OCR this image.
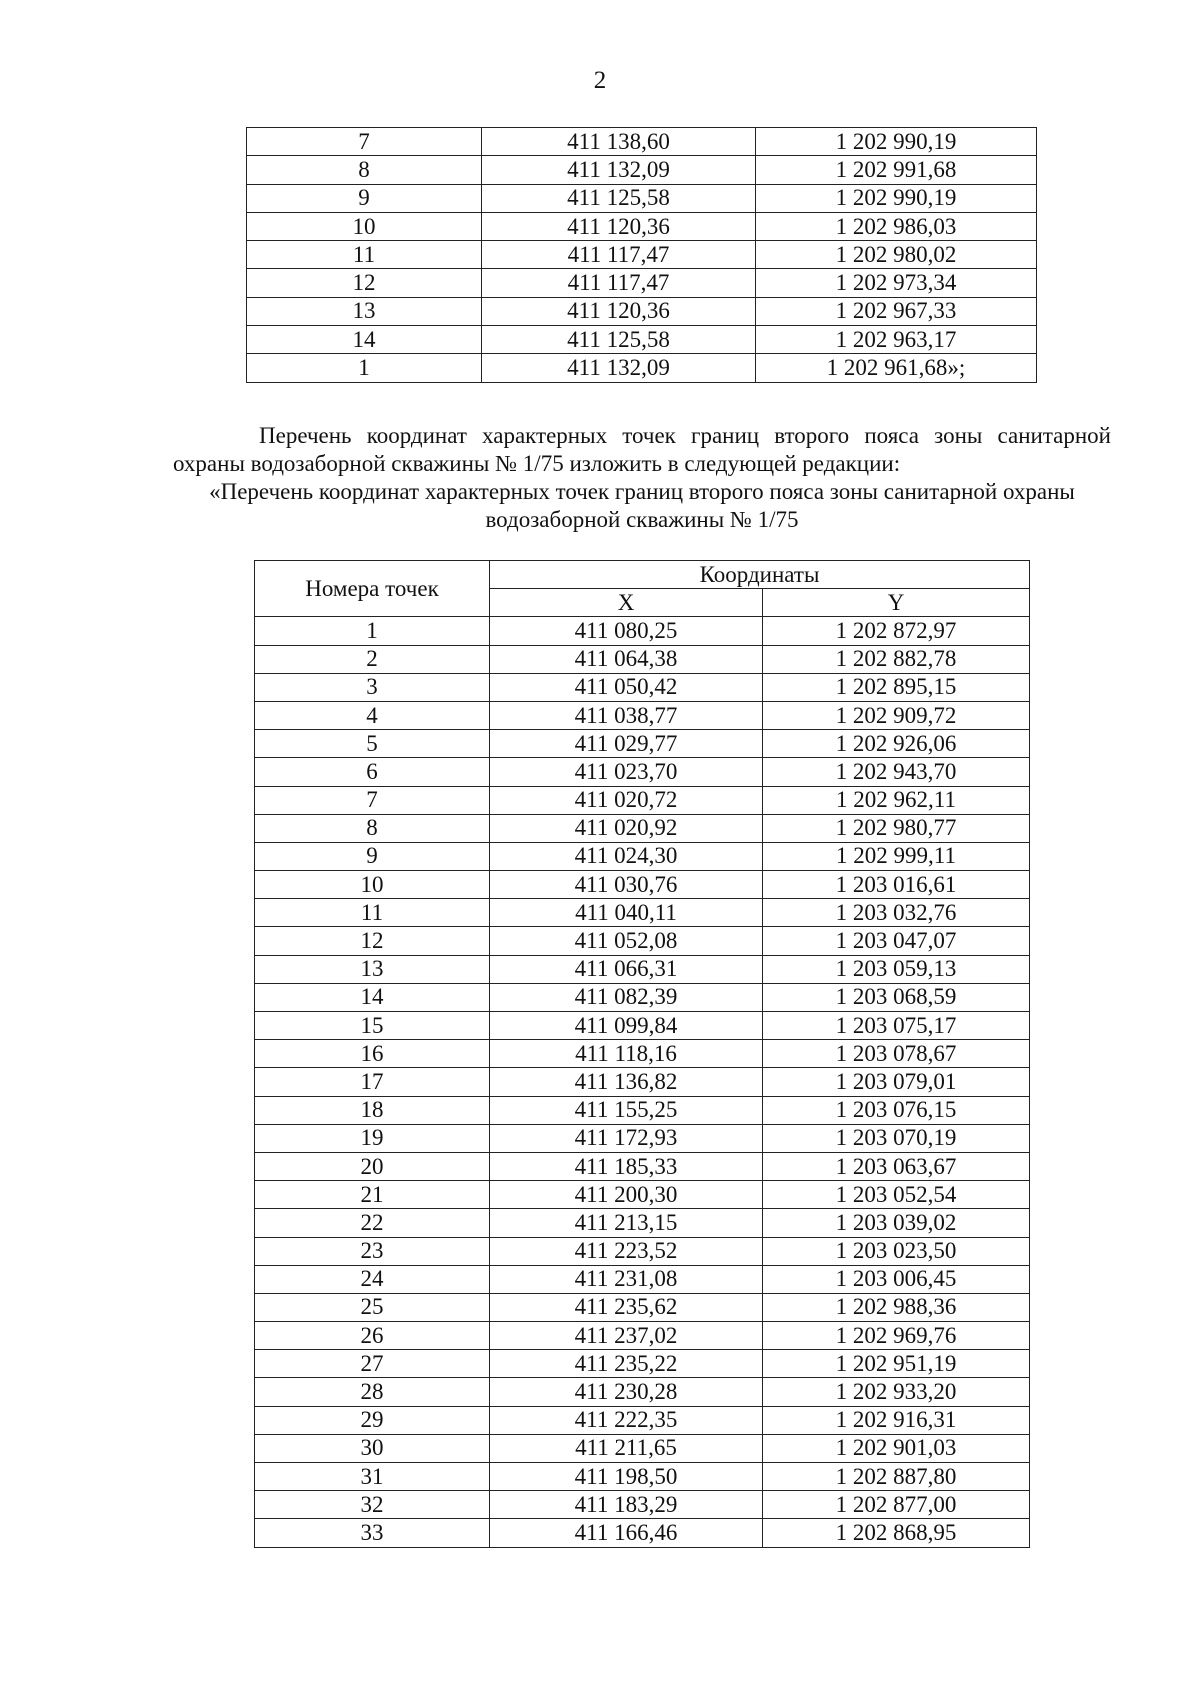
2
7	411 138,60	1 202 990,19
8	411 132,09	1 202 991,68
9	411 125,58	1 202 990,19
10	411 120,36	1 202 986,03
11	411 117,47	1 202 980,02
12	411 117,47	1 202 973,34
13	411 120,36	1 202 967,33
14	411 125,58	1 202 963,17
1	411 132,09	1 202 961,68»;
Перечень координат характерных точек границ второго пояса зоны санитарной охраны водозаборной скважины № 1/75 изложить в следующей редакции:
«Перечень координат характерных точек границ второго пояса зоны санитарной охраны
водозаборной скважины № 1/75
Номера точек	Координаты	
	X	Y
1	411 080,25	1 202 872,97
2	411 064,38	1 202 882,78
3	411 050,42	1 202 895,15
4	411 038,77	1 202 909,72
5	411 029,77	1 202 926,06
6	411 023,70	1 202 943,70
7	411 020,72	1 202 962,11
8	411 020,92	1 202 980,77
9	411 024,30	1 202 999,11
10	411 030,76	1 203 016,61
11	411 040,11	1 203 032,76
12	411 052,08	1 203 047,07
13	411 066,31	1 203 059,13
14	411 082,39	1 203 068,59
15	411 099,84	1 203 075,17
16	411 118,16	1 203 078,67
17	411 136,82	1 203 079,01
18	411 155,25	1 203 076,15
19	411 172,93	1 203 070,19
20	411 185,33	1 203 063,67
21	411 200,30	1 203 052,54
22	411 213,15	1 203 039,02
23	411 223,52	1 203 023,50
24	411 231,08	1 203 006,45
25	411 235,62	1 202 988,36
26	411 237,02	1 202 969,76
27	411 235,22	1 202 951,19
28	411 230,28	1 202 933,20
29	411 222,35	1 202 916,31
30	411 211,65	1 202 901,03
31	411 198,50	1 202 887,80
32	411 183,29	1 202 877,00
33	411 166,46	1 202 868,95
